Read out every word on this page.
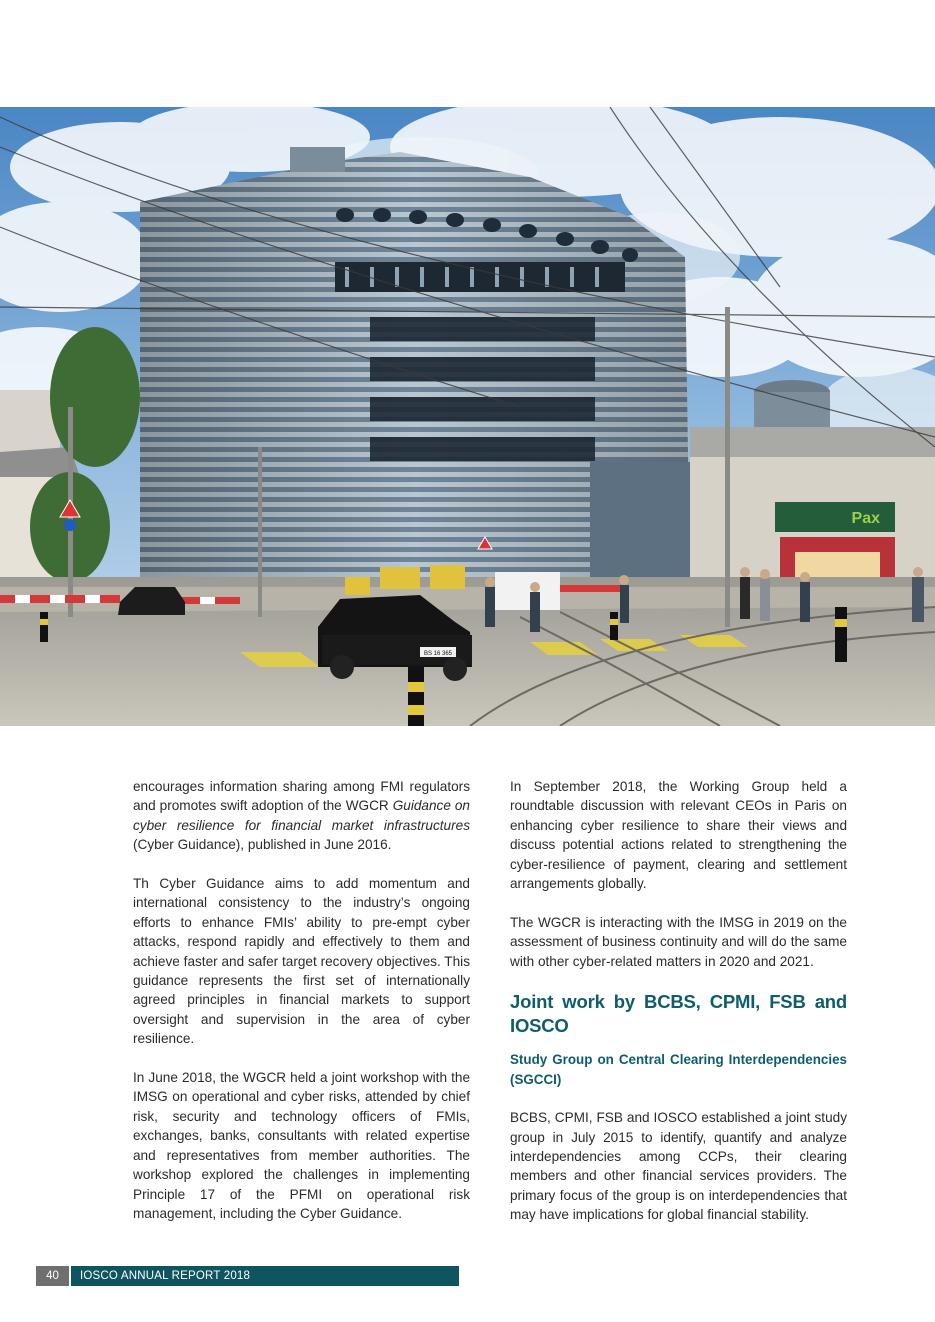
Pax
BS 16 365

encourages information sharing among FMI regulators and promotes swift adoption of the WGCR Guidance on cyber resilience for financial market infrastructures (Cyber Guidance), published in June 2016.

Th Cyber Guidance aims to add momentum and international consistency to the industry’s ongoing efforts to enhance FMIs’ ability to pre-empt cyber attacks, respond rapidly and effectively to them and achieve faster and safer target recovery objectives. This guidance represents the first set of internationally agreed principles in financial markets to support oversight and supervision in the area of cyber resilience.

In June 2018, the WGCR held a joint workshop with the IMSG on operational and cyber risks, attended by chief risk, security and technology officers of FMIs, exchanges, banks, consultants with related expertise and representatives from member authorities. The workshop explored the challenges in implementing Principle 17 of the PFMI on operational risk management, including the Cyber Guidance.

In September 2018, the Working Group held a roundtable discussion with relevant CEOs in Paris on enhancing cyber resilience to share their views and discuss potential actions related to strengthening the cyber-resilience of payment, clearing and settlement arrangements globally.

The WGCR is interacting with the IMSG in 2019 on the assessment of business continuity and will do the same with other cyber-related matters in 2020 and 2021.

Joint work by BCBS, CPMI, FSB and IOSCO
Study Group on Central Clearing Interdependencies (SGCCI)

BCBS, CPMI, FSB and IOSCO established a joint study group in July 2015 to identify, quantify and analyze interdependencies among CCPs, their clearing members and other financial services providers. The primary focus of the group is on interdependencies that may have implications for global financial stability.

40	IOSCO ANNUAL REPORT 2018
